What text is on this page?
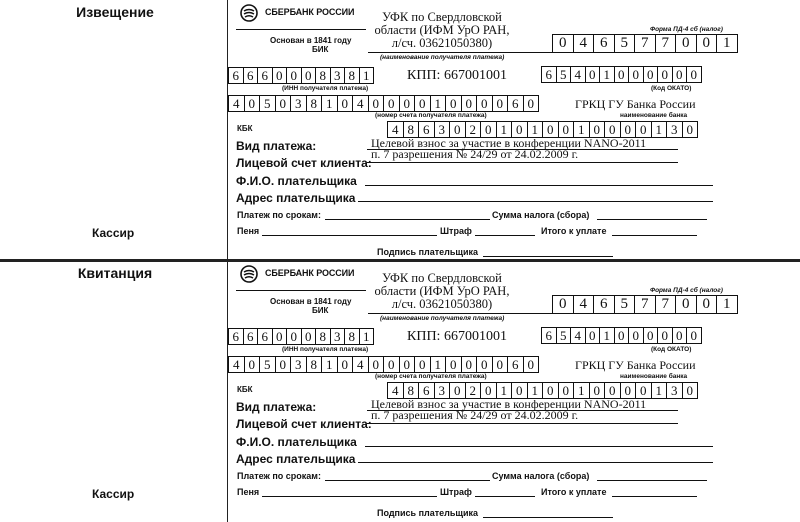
Извещение
Кассир
СБЕРБАНК РОССИИ
Основан в 1841 году
БИК
УФК по Свердловской
области (ИФМ УрО РАН,
л/сч. 03621050380)
(наименование получателя платежа)
Форма ПД-4 сб (налог)
0 4 6 5 7 7 0 0 1
6 6 6 0 0 0 8 3 8 1
(ИНН получателя платежа)
КПП: 667001001	6 5 4 0 1 0 0 0 0 0 0
(Код ОКАТО)
4 0 5 0 3 8 1 0 4 0 0 0 0 1 0 0 0 0 6 0	ГРКЦ ГУ Банка России
(номер счета получателя платежа)	наименование банка
КБК	4 8 6 3 0 2 0 1 0 1 0 0 1 0 0 0 0 1 3 0
Вид платежа:	Целевой взнос за участие в конференции NANO-2011
п. 7 разрешения № 24/29 от 24.02.2009 г.
Лицевой счет клиента:
Ф.И.О. плательщика
Адрес плательщика
Платеж по срокам:	Сумма налога (сбора)
Пеня	Штраф	Итого к уплате
Подпись плательщика
Квитанция
Кассир
СБЕРБАНК РОССИИ
Основан в 1841 году
БИК
УФК по Свердловской
области (ИФМ УрО РАН,
л/сч. 03621050380)
(наименование получателя платежа)
Форма ПД-4 сб (налог)
0 4 6 5 7 7 0 0 1
6 6 6 0 0 0 8 3 8 1
(ИНН получателя платежа)
КПП: 667001001	6 5 4 0 1 0 0 0 0 0 0
(Код ОКАТО)
4 0 5 0 3 8 1 0 4 0 0 0 0 1 0 0 0 0 6 0	ГРКЦ ГУ Банка России
(номер счета получателя платежа)	наименование банка
КБК	4 8 6 3 0 2 0 1 0 1 0 0 1 0 0 0 0 1 3 0
Вид платежа:	Целевой взнос за участие в конференции NANO-2011
п. 7 разрешения № 24/29 от 24.02.2009 г.
Лицевой счет клиента:
Ф.И.О. плательщика
Адрес плательщика
Платеж по срокам:	Сумма налога (сбора)
Пеня	Штраф	Итого к уплате
Подпись плательщика
